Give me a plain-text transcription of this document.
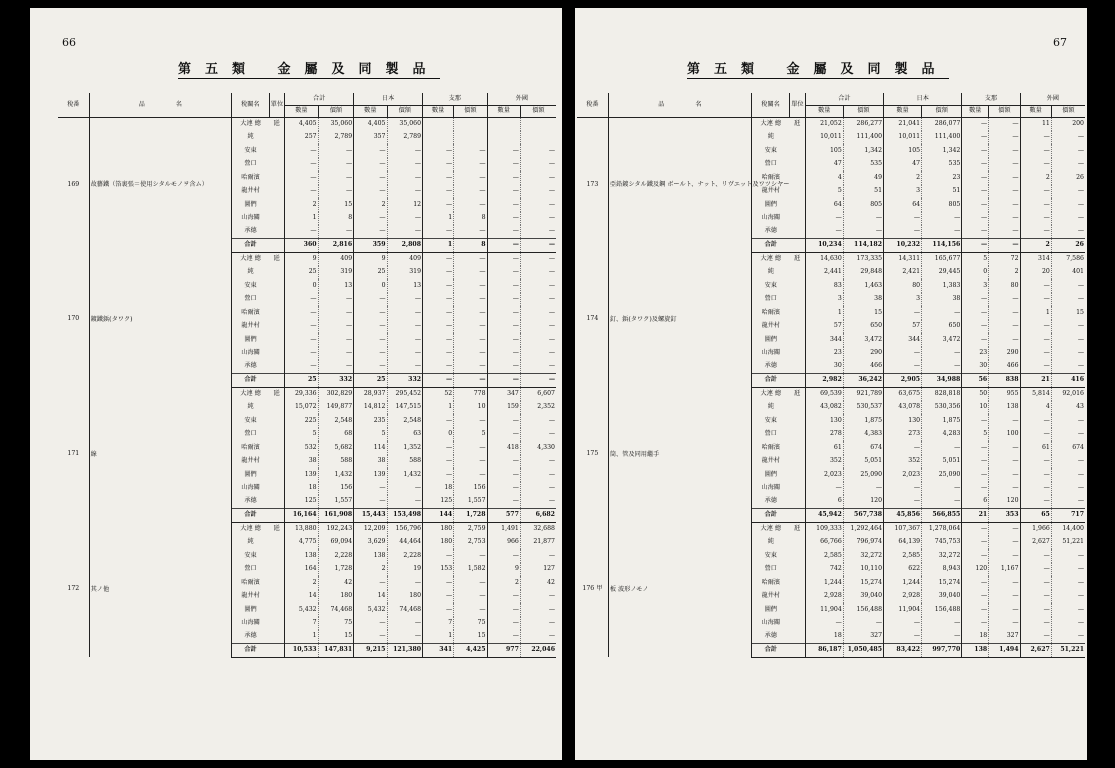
66
第五類 金屬及同製品
稅番	品　　　　　 名	稅關名	單位	合計		日本		支那		外國	
				數量	價額	數量	價額	數量	價額	數量	價額
169	故藝鐵（箔裹張＝使用シタルモノヲ含ム）	大連 總	瓩	4,405	35,060	4,405	35,060				
		純		257	2,789	357	2,789				
		安東		—	—	—	—	—	—	—	—
		營口		—	—	—	—	—	—	—	—
		哈爾濱		—	—	—	—	—	—	—	—
		龍井村		—	—	—	—	—	—	—	—
		圖們		2	15	2	12	—	—	—	—
		山海關		1	8	—	—	1	8	—	—
		承德		—	—	—	—	—	—	—	—
		合計		360	2,816	359	2,808	1	8	—	—
170	鍍鐵鋲(タワク)	大連 總	瓩	9	409	9	409	—	—	—	—
		純		25	319	25	319	—	—	—	—
		安東		0	13	0	13	—	—	—	—
		營口		—	—	—	—	—	—	—	—
		哈爾濱		—	—	—	—	—	—	—	—
		龍井村		—	—	—	—	—	—	—	—
		圖們		—	—	—	—	—	—	—	—
		山海關		—	—	—	—	—	—	—	—
		承德		—	—	—	—	—	—	—	—
		合計		25	332	25	332	—	—	—	—
171	線	大連 總	瓩	29,336	302,829	28,937	295,452	52	778	347	6,607
		純		15,072	149,877	14,812	147,515	1	10	159	2,352
		安東		225	2,548	235	2,548	—	—	—	—
		營口		5	68	5	63	0	5	—	—
		哈爾濱		532	5,682	114	1,352	—	—	418	4,330
		龍井村		38	588	38	588	—	—	—	—
		圖們		139	1,432	139	1,432	—	—	—	—
		山海關		18	156	—	—	18	156	—	—
		承德		125	1,557	—	—	125	1,557	—	—
		合計		16,164	161,908	15,443	153,498	144	1,728	577	6,682
172	其ノ他	大連 總	瓩	13,880	192,243	12,209	156,796	180	2,759	1,491	32,688
		純		4,775	69,094	3,629	44,464	180	2,753	966	21,877
		安東		138	2,228	138	2,228	—	—	—	—
		營口		164	1,728	2	19	153	1,582	9	127
		哈爾濱		2	42	—	—	—	—	2	42
		龍井村		14	180	14	180	—	—	—	—
		圖們		5,432	74,468	5,432	74,468	—	—	—	—
		山海關		7	75	—	—	7	75	—	—
		承德		1	15	—	—	1	15	—	—
		合計		10,533	147,831	9,215	121,380	341	4,425	977	22,046
67
第五類 金屬及同製品
稅番	品　　　　　 名	稅關名	單位	合計		日本		支那		外國	
				數量	價額	數量	價額	數量	價額	數量	價額
173	亞鉛鍍シタル鐵及鋼 ボールト、ナット、リヴエット及ワツシヤー	大連 總	瓩	21,052	286,277	21,041	286,077	—	—	11	200
		純		10,011	111,400	10,011	111,400	—	—	—	—
		安東		105	1,342	105	1,342	—	—	—	—
		營口		47	535	47	535	—	—	—	—
		哈爾濱		4	49	2	23	—	—	2	26
		龍井村		5	51	3	51	—	—	—	—
		圖們		64	805	64	805	—	—	—	—
		山海關		—	—	—	—	—	—	—	—
		承德		—	—	—	—	—	—	—	—
		合計		10,234	114,182	10,232	114,156	—	—	2	26
174	釘、鋲(タワク)及螺旋釘	大連 總	瓩	14,630	173,335	14,311	165,677	5	72	314	7,586
		純		2,441	29,848	2,421	29,445	0	2	20	401
		安東		83	1,463	80	1,383	3	80	—	—
		營口		3	38	3	38	—	—	—	—
		哈爾濱		1	15	—	—	—	—	1	15
		龍井村		57	650	57	650	—	—	—	—
		圖們		344	3,472	344	3,472	—	—	—	—
		山海關		23	290	—	—	23	290	—	—
		承德		30	466	—	—	30	466	—	—
		合計		2,982	36,242	2,905	34,988	56	838	21	416
175	筒、管及同用繼手	大連 總	瓩	69,539	921,789	63,675	828,818	50	955	5,814	92,016
		純		43,082	530,537	43,078	530,356	10	138	4	43
		安東		130	1,875	130	1,875	—	—	—	—
		營口		278	4,383	273	4,283	5	100	—	—
		哈爾濱		61	674	—	—	—	—	61	674
		龍井村		352	5,051	352	5,051	—	—	—	—
		圖們		2,023	25,090	2,023	25,090	—	—	—	—
		山海關		—	—	—	—	—	—	—	—
		承德		6	120	—	—	6	120	—	—
		合計		45,942	567,738	45,856	566,855	21	353	65	717
176 甲	板 波形ノモノ	大連 總	瓩	109,333	1,292,464	107,367	1,278,064	—	—	1,966	14,400
		純		66,766	796,974	64,139	745,753	—	—	2,627	51,221
		安東		2,585	32,272	2,585	32,272	—	—	—	—
		營口		742	10,110	622	8,943	120	1,167	—	—
		哈爾濱		1,244	15,274	1,244	15,274	—	—	—	—
		龍井村		2,928	39,040	2,928	39,040	—	—	—	—
		圖們		11,904	156,488	11,904	156,488	—	—	—	—
		山海關		—	—	—	—	—	—	—	—
		承德		18	327	—	—	18	327	—	—
		合計		86,187	1,050,485	83,422	997,770	138	1,494	2,627	51,221
